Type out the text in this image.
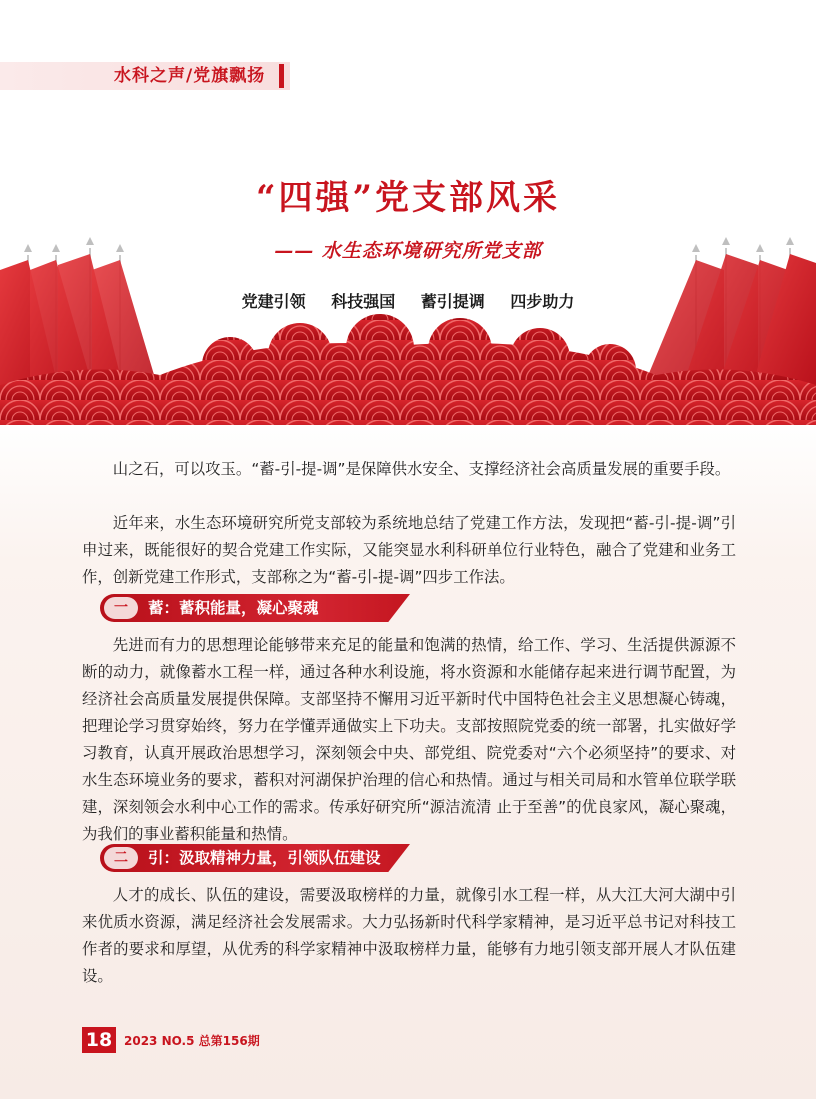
水科之声/党旗飘扬
“四强”党支部风采
—— 水生态环境研究所党支部
党建引领 科技强国 蓄引提调 四步助力

山之石，可以攻玉。“蓄-引-提-调”是保障供水安全、支撑经济社会高质量发展的重要手段。

近年来，水生态环境研究所党支部较为系统地总结了党建工作方法，发现把“蓄-引-提-调”引申过来，既能很好的契合党建工作实际，又能突显水利科研单位行业特色，融合了党建和业务工作，创新党建工作形式，支部称之为“蓄-引-提-调”四步工作法。

一	蓄：蓄积能量，凝心聚魂

先进而有力的思想理论能够带来充足的能量和饱满的热情，给工作、学习、生活提供源源不断的动力，就像蓄水工程一样，通过各种水利设施，将水资源和水能储存起来进行调节配置，为经济社会高质量发展提供保障。支部坚持不懈用习近平新时代中国特色社会主义思想凝心铸魂，把理论学习贯穿始终，努力在学懂弄通做实上下功夫。支部按照院党委的统一部署，扎实做好学习教育，认真开展政治思想学习，深刻领会中央、部党组、院党委对“六个必须坚持”的要求、对水生态环境业务的要求，蓄积对河湖保护治理的信心和热情。通过与相关司局和水管单位联学联建，深刻领会水利中心工作的需求。传承好研究所“源洁流清 止于至善”的优良家风，凝心聚魂，为我们的事业蓄积能量和热情。

二	引：汲取精神力量，引领队伍建设

人才的成长、队伍的建设，需要汲取榜样的力量，就像引水工程一样，从大江大河大湖中引来优质水资源，满足经济社会发展需求。大力弘扬新时代科学家精神，是习近平总书记对科技工作者的要求和厚望，从优秀的科学家精神中汲取榜样力量，能够有力地引领支部开展人才队伍建设。

18 2023 NO.5 总第156期
